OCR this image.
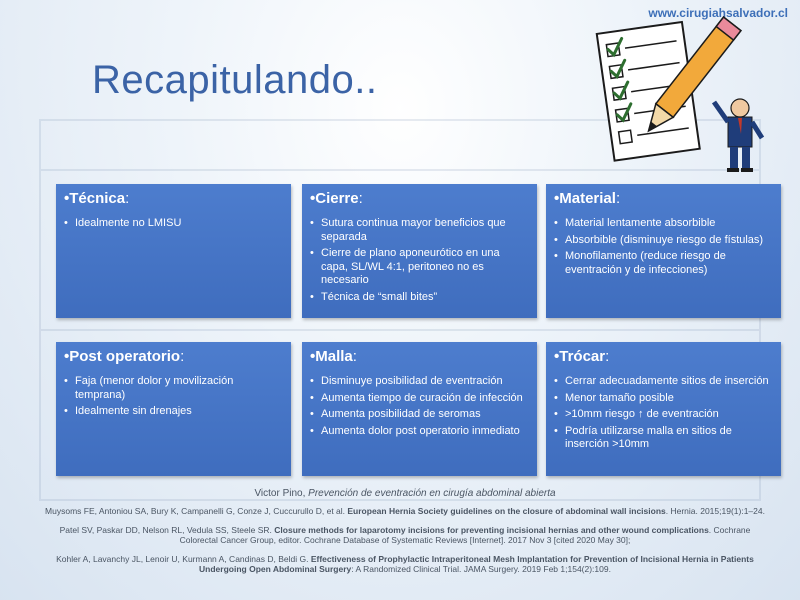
www.cirugiahsalvador.cl
Recapitulando..
•Técnica:
• Idealmente no LMISU
•Cierre:
• Sutura continua mayor beneficios que separada
• Cierre de plano aponeurótico en una capa, SL/WL 4:1, peritoneo no es necesario
• Técnica de “small bites”
•Material:
• Material lentamente absorbible
• Absorbible (disminuye riesgo de fístulas)
• Monofilamento (reduce riesgo de eventración y de infecciones)
•Post operatorio:
• Faja (menor dolor y movilización temprana)
• Idealmente sin drenajes
•Malla:
• Disminuye posibilidad de eventración
• Aumenta tiempo de curación de infección
• Aumenta posibilidad de seromas
• Aumenta dolor post operatorio inmediato
•Trócar:
• Cerrar adecuadamente sitios de inserción
• Menor tamaño posible
• >10mm riesgo ↑ de eventración
• Podría utilizarse malla en sitios de inserción >10mm
Victor Pino, Prevención de eventración en cirugía abdominal abierta
Muysoms FE, Antoniou SA, Bury K, Campanelli G, Conze J, Cuccurullo D, et al. European Hernia Society guidelines on the closure of abdominal wall incisions. Hernia. 2015;19(1):1–24.
Patel SV, Paskar DD, Nelson RL, Vedula SS, Steele SR. Closure methods for laparotomy incisions for preventing incisional hernias and other wound complications. Cochrane Colorectal Cancer Group, editor. Cochrane Database of Systematic Reviews [Internet]. 2017 Nov 3 [cited 2020 May 30];
Kohler A, Lavanchy JL, Lenoir U, Kurmann A, Candinas D, Beldi G. Effectiveness of Prophylactic Intraperitoneal Mesh Implantation for Prevention of Incisional Hernia in Patients Undergoing Open Abdominal Surgery: A Randomized Clinical Trial. JAMA Surgery. 2019 Feb 1;154(2):109.
